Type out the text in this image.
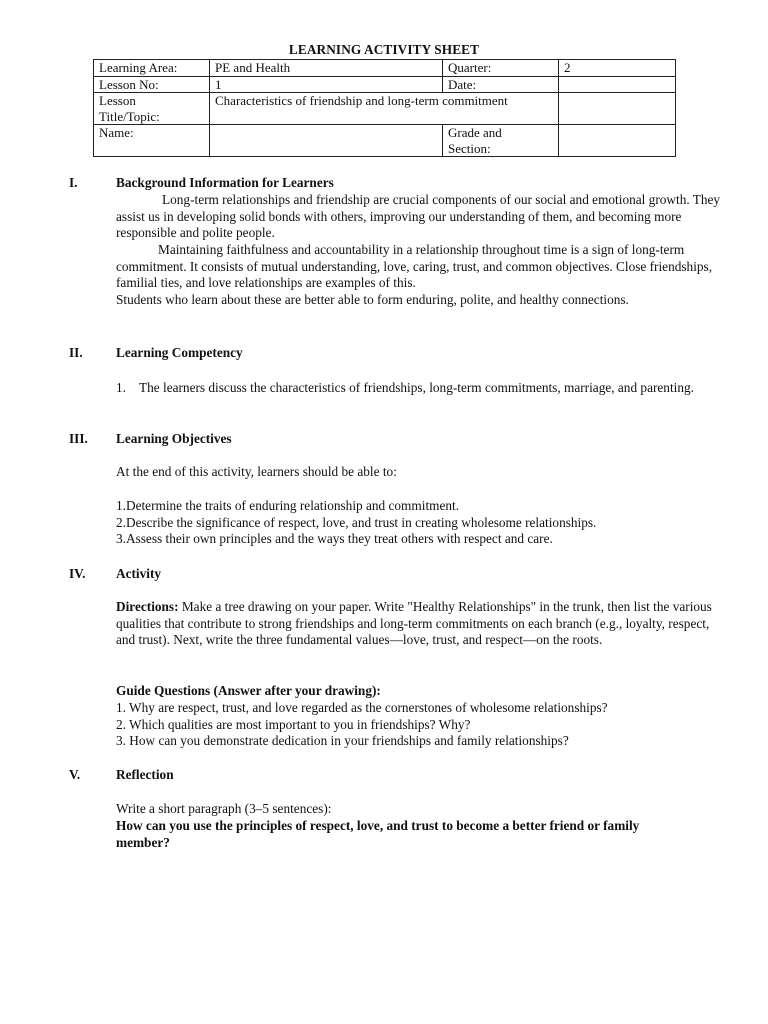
LEARNING ACTIVITY SHEET
Learning Area:	PE and Health	Quarter:	2
Lesson No:	1	Date:	
Lesson
Title/Topic:	Characteristics of friendship and long-term commitment		
Name:		Grade and
Section:	
I.	Background Information for Learners
Long-term relationships and friendship are crucial components of our social and emotional growth. They assist us in developing solid bonds with others, improving our understanding of them, and becoming more responsible and polite people.
Maintaining faithfulness and accountability in a relationship throughout time is a sign of long-term commitment. It consists of mutual understanding, love, caring, trust, and common objectives. Close friendships, familial ties, and love relationships are examples of this.
Students who learn about these are better able to form enduring, polite, and healthy connections.
II.	Learning Competency
1. The learners discuss the characteristics of friendships, long-term commitments, marriage, and parenting.
III. Learning Objectives
At the end of this activity, learners should be able to:
1.Determine the traits of enduring relationship and commitment.
2.Describe the significance of respect, love, and trust in creating wholesome relationships.
3.Assess their own principles and the ways they treat others with respect and care.
IV. Activity
Directions: Make a tree drawing on your paper. Write "Healthy Relationships" in the trunk, then list the various qualities that contribute to strong friendships and long-term commitments on each branch (e.g., loyalty, respect, and trust). Next, write the three fundamental values—love, trust, and respect—on the roots.
Guide Questions (Answer after your drawing):
1. Why are respect, trust, and love regarded as the cornerstones of wholesome relationships?
2. Which qualities are most important to you in friendships? Why?
3. How can you demonstrate dedication in your friendships and family relationships?
V.	Reflection
Write a short paragraph (3–5 sentences):
How can you use the principles of respect, love, and trust to become a better friend or family member?
